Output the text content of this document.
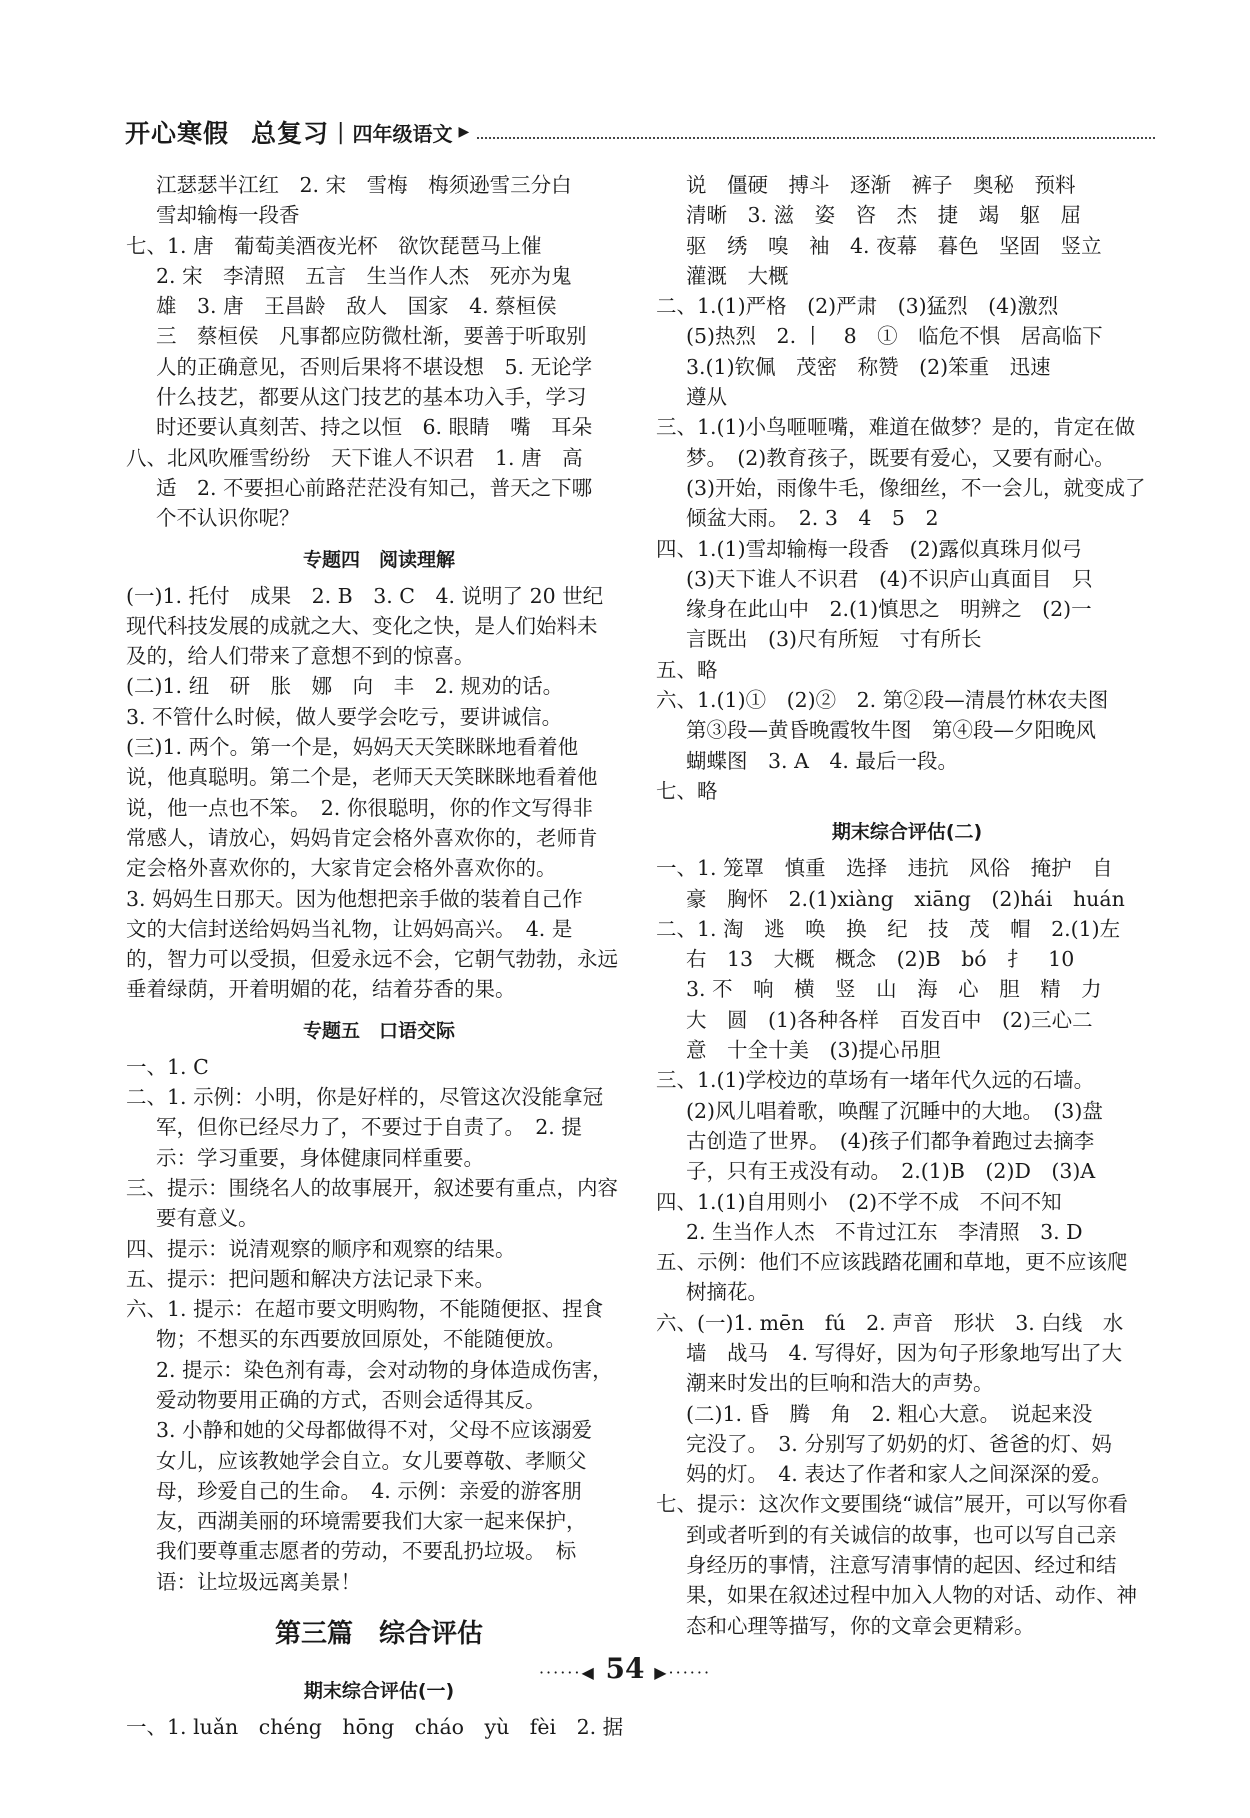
开心寒假 总复习 | 四年级语文 ▶
江瑟瑟半江红　2. 宋　雪梅　梅须逊雪三分白
雪却输梅一段香
七、1. 唐　葡萄美酒夜光杯　欲饮琵琶马上催
2. 宋　李清照　五言　生当作人杰　死亦为鬼
雄　3. 唐　王昌龄　敌人　国家　4. 蔡桓侯
三　蔡桓侯　凡事都应防微杜渐，要善于听取别
人的正确意见，否则后果将不堪设想　5. 无论学
什么技艺，都要从这门技艺的基本功入手，学习
时还要认真刻苦、持之以恒　6. 眼睛　嘴　耳朵
八、北风吹雁雪纷纷　天下谁人不识君　1. 唐　高
适　2. 不要担心前路茫茫没有知己，普天之下哪
个不认识你呢？
专题四　阅读理解
(一)1. 托付　成果　2. B　3. C　4. 说明了 20 世纪
现代科技发展的成就之大、变化之快，是人们始料未
及的，给人们带来了意想不到的惊喜。
(二)1. 纽　研　胀　娜　向　丰　2. 规劝的话。
3. 不管什么时候，做人要学会吃亏，要讲诚信。
(三)1. 两个。第一个是，妈妈天天笑眯眯地看着他
说，他真聪明。第二个是，老师天天笑眯眯地看着他
说，他一点也不笨。　2. 你很聪明，你的作文写得非
常感人，请放心，妈妈肯定会格外喜欢你的，老师肯
定会格外喜欢你的，大家肯定会格外喜欢你的。
3. 妈妈生日那天。因为他想把亲手做的装着自己作
文的大信封送给妈妈当礼物，让妈妈高兴。　4. 是
的，智力可以受损，但爱永远不会，它朝气勃勃，永远
垂着绿荫，开着明媚的花，结着芬香的果。
专题五　口语交际
一、1. C
二、1. 示例：小明，你是好样的，尽管这次没能拿冠
军，但你已经尽力了，不要过于自责了。　2. 提
示：学习重要，身体健康同样重要。
三、提示：围绕名人的故事展开，叙述要有重点，内容
要有意义。
四、提示：说清观察的顺序和观察的结果。
五、提示：把问题和解决方法记录下来。
六、1. 提示：在超市要文明购物，不能随便抠、捏食
物；不想买的东西要放回原处，不能随便放。
2. 提示：染色剂有毒，会对动物的身体造成伤害，
爱动物要用正确的方式，否则会适得其反。
3. 小静和她的父母都做得不对，父母不应该溺爱
女儿，应该教她学会自立。女儿要尊敬、孝顺父
母，珍爱自己的生命。　4. 示例：亲爱的游客朋
友，西湖美丽的环境需要我们大家一起来保护，
我们要尊重志愿者的劳动，不要乱扔垃圾。　标
语：让垃圾远离美景！
第三篇　综合评估
期末综合评估(一)
一、1. luǎn　chéng　hōng　cháo　yù　fèi　2. 据
说　僵硬　搏斗　逐渐　裤子　奥秘　预料
清晰　3. 滋　姿　咨　杰　捷　竭　躯　屈
驱　绣　嗅　袖　4. 夜幕　暮色　坚固　竖立
灌溉　大概
二、1.(1)严格　(2)严肃　(3)猛烈　(4)激烈
(5)热烈　2. 丨　8　①　临危不惧　居高临下
3.(1)钦佩　茂密　称赞　(2)笨重　迅速
遵从
三、1.(1)小鸟咂咂嘴，难道在做梦？是的，肯定在做
梦。　(2)教育孩子，既要有爱心，又要有耐心。
(3)开始，雨像牛毛，像细丝，不一会儿，就变成了
倾盆大雨。　2. 3　4　5　2
四、1.(1)雪却输梅一段香　(2)露似真珠月似弓
(3)天下谁人不识君　(4)不识庐山真面目　只
缘身在此山中　2.(1)慎思之　明辨之　(2)一
言既出　(3)尺有所短　寸有所长
五、略
六、1.(1)①　(2)②　2. 第②段—清晨竹林农夫图
第③段—黄昏晚霞牧牛图　第④段—夕阳晚风
蝴蝶图　3. A　4. 最后一段。
七、略
期末综合评估(二)
一、1. 笼罩　慎重　选择　违抗　风俗　掩护　自
豪　胸怀　2.(1)xiàng　xiāng　(2)hái　huán
二、1. 淘　逃　唤　换　纪　技　茂　帽　2.(1)左
右　13　大概　概念　(2)B　bó　扌　10
3. 不　响　横　竖　山　海　心　胆　精　力
大　圆　(1)各种各样　百发百中　(2)三心二
意　十全十美　(3)提心吊胆
三、1.(1)学校边的草场有一堵年代久远的石墙。
(2)风儿唱着歌，唤醒了沉睡中的大地。　(3)盘
古创造了世界。　(4)孩子们都争着跑过去摘李
子，只有王戎没有动。　2.(1)B　(2)D　(3)A
四、1.(1)自用则小　(2)不学不成　不问不知
2. 生当作人杰　不肯过江东　李清照　3. D
五、示例：他们不应该践踏花圃和草地，更不应该爬
树摘花。
六、(一)1. mēn　fú　2. 声音　形状　3. 白线　水
墙　战马　4. 写得好，因为句子形象地写出了大
潮来时发出的巨响和浩大的声势。
(二)1. 昏　腾　角　2. 粗心大意。　说起来没
完没了。　3. 分别写了奶奶的灯、爸爸的灯、妈
妈的灯。　4. 表达了作者和家人之间深深的爱。
七、提示：这次作文要围绕“诚信”展开，可以写你看
到或者听到的有关诚信的故事，也可以写自己亲
身经历的事情，注意写清事情的起因、经过和结
果，如果在叙述过程中加入人物的对话、动作、神
态和心理等描写，你的文章会更精彩。
······◀ 54 ▶······
